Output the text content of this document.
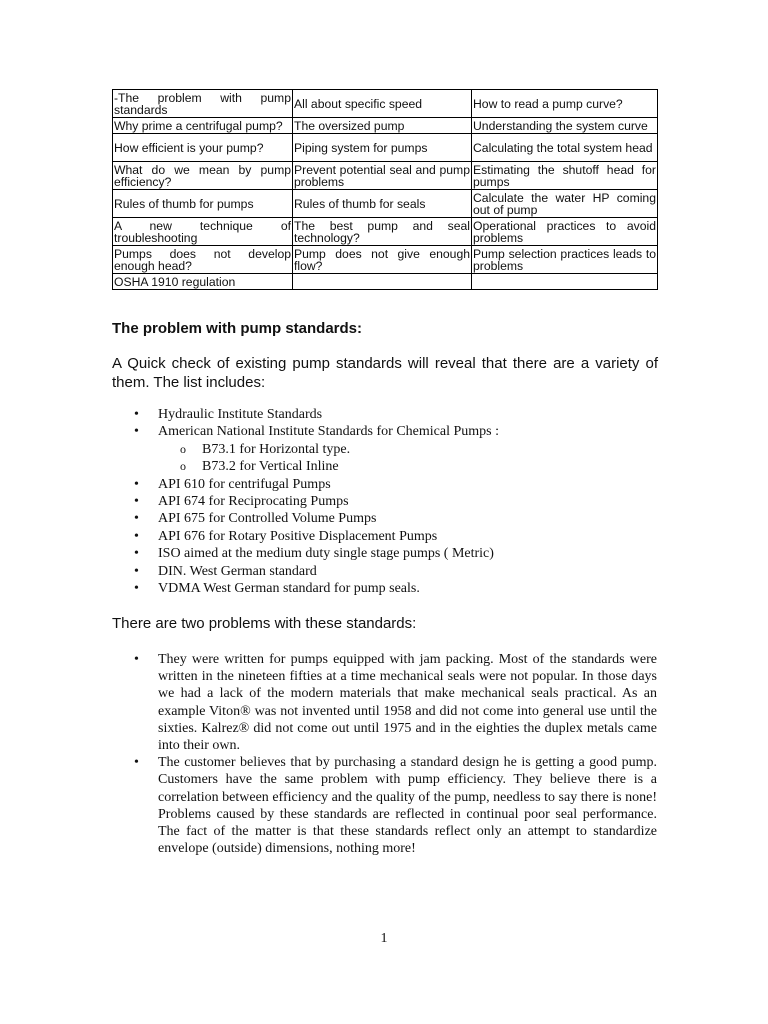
-The problem with pump standards	All about specific speed	How to read a pump curve?
Why prime a centrifugal pump?	The oversized pump	Understanding the system curve
How efficient is your pump?	Piping system for pumps	Calculating the total system head
What do we mean by pump efficiency?	Prevent potential seal and pump problems	Estimating the shutoff head for pumps
Rules of thumb for pumps	Rules of thumb for seals	Calculate the water HP coming out of pump
A new technique of troubleshooting	The best pump and seal technology?	Operational practices to avoid problems
Pumps does not develop enough head?	Pump does not give enough flow?	Pump selection practices leads to problems
OSHA 1910 regulation		
The problem with pump standards:

A Quick check of existing pump standards will reveal that there are a variety of them. The list includes:

• Hydraulic Institute Standards
• American National Institute Standards for Chemical Pumps :
o B73.1 for Horizontal type.
o B73.2 for Vertical Inline
• API 610 for centrifugal Pumps
• API 674 for Reciprocating Pumps
• API 675 for Controlled Volume Pumps
• API 676 for Rotary Positive Displacement Pumps
• ISO aimed at the medium duty single stage pumps ( Metric)
• DIN. West German standard
• VDMA West German standard for pump seals.

There are two problems with these standards:

• They were written for pumps equipped with jam packing. Most of the standards were written in the nineteen fifties at a time mechanical seals were not popular. In those days we had a lack of the modern materials that make mechanical seals practical. As an example Viton® was not invented until 1958 and did not come into general use until the sixties. Kalrez® did not come out until 1975 and in the eighties the duplex metals came into their own.
• The customer believes that by purchasing a standard design he is getting a good pump. Customers have the same problem with pump efficiency. They believe there is a correlation between efficiency and the quality of the pump, needless to say there is none! Problems caused by these standards are reflected in continual poor seal performance. The fact of the matter is that these standards reflect only an attempt to standardize envelope (outside) dimensions, nothing more!
1
